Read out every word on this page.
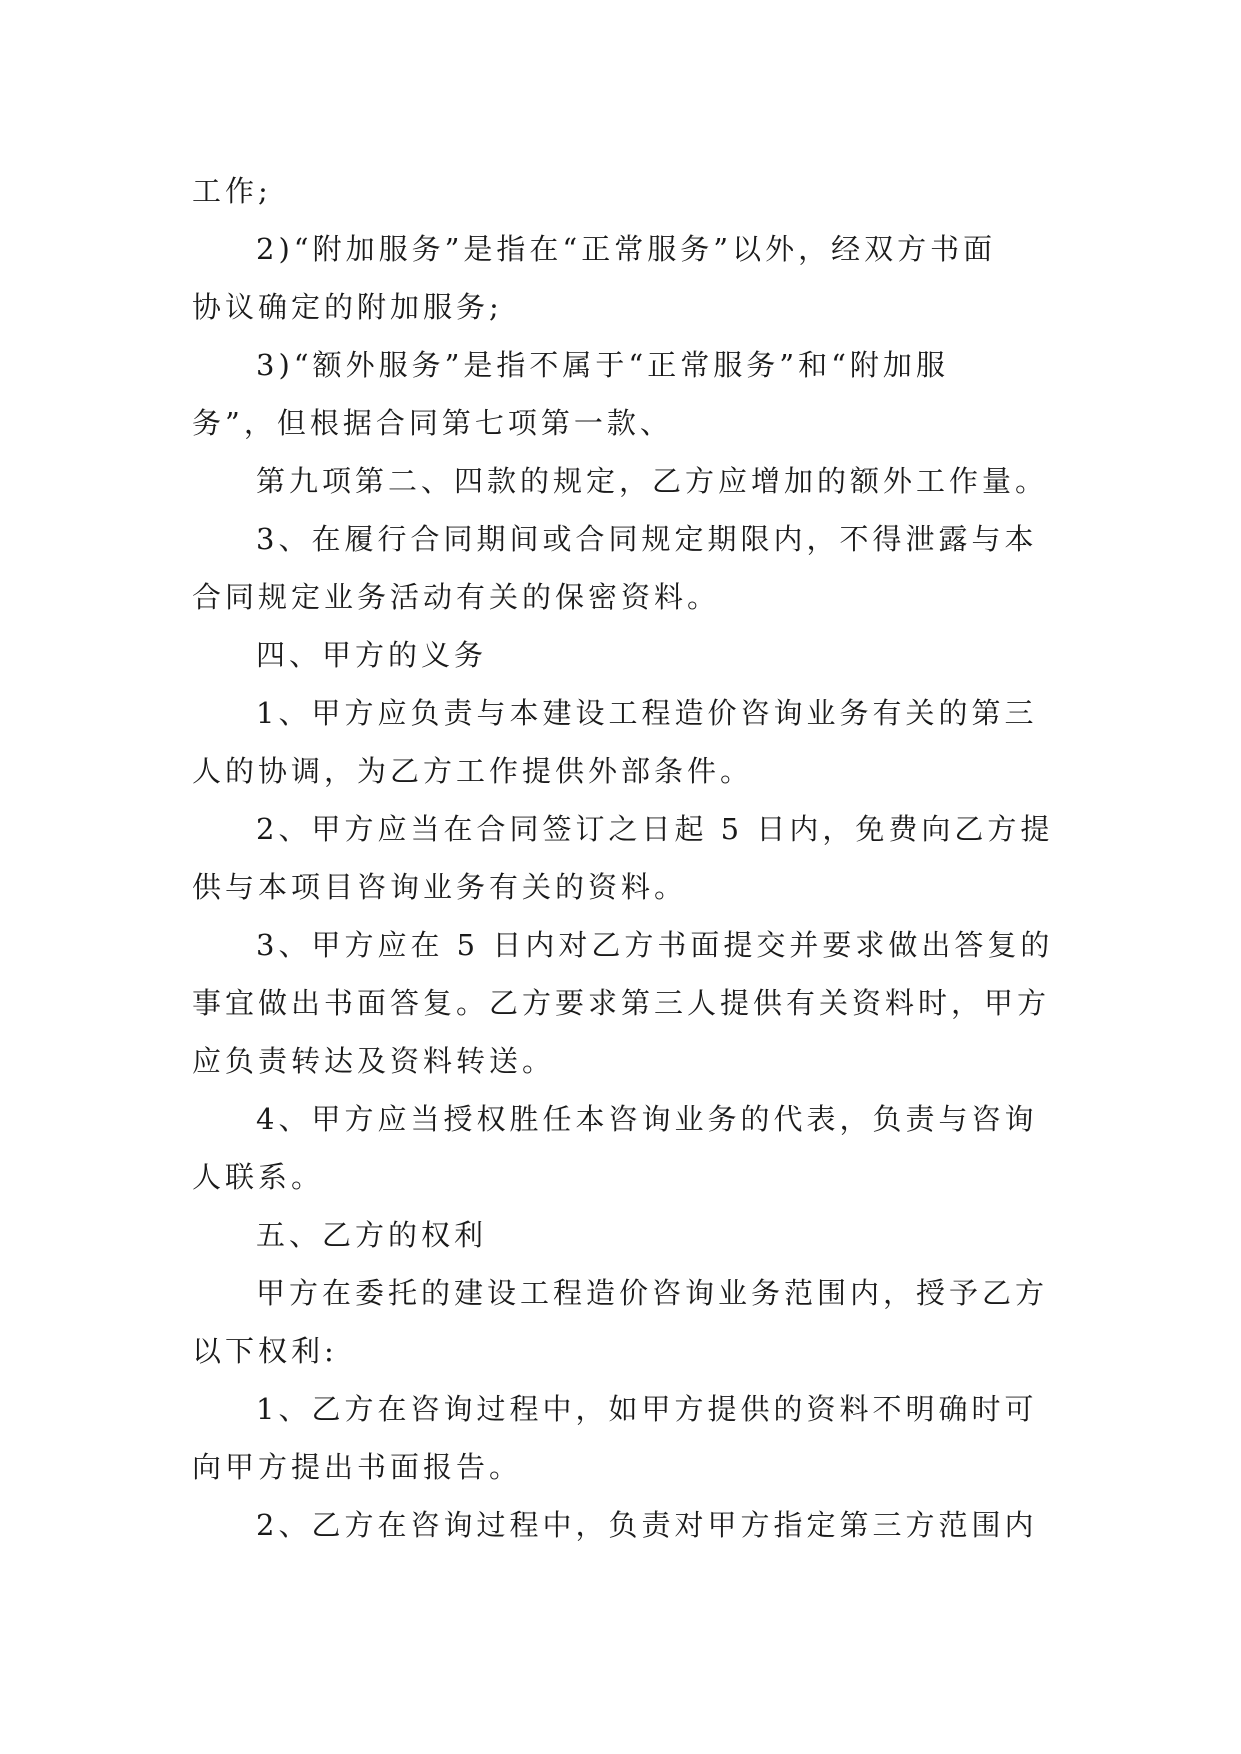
工作;
2)“附加服务”是指在“正常服务”以外，经双方书面
协议确定的附加服务;
3)“额外服务”是指不属于“正常服务”和“附加服
务”，但根据合同第七项第一款、
第九项第二、四款的规定，乙方应增加的额外工作量。
3、在履行合同期间或合同规定期限内，不得泄露与本
合同规定业务活动有关的保密资料。
四、甲方的义务
1、甲方应负责与本建设工程造价咨询业务有关的第三
人的协调，为乙方工作提供外部条件。
2、甲方应当在合同签订之日起 5 日内，免费向乙方提
供与本项目咨询业务有关的资料。
3、甲方应在 5 日内对乙方书面提交并要求做出答复的
事宜做出书面答复。乙方要求第三人提供有关资料时，甲方
应负责转达及资料转送。
4、甲方应当授权胜任本咨询业务的代表，负责与咨询
人联系。
五、乙方的权利
甲方在委托的建设工程造价咨询业务范围内，授予乙方
以下权利:
1、乙方在咨询过程中，如甲方提供的资料不明确时可
向甲方提出书面报告。
2、乙方在咨询过程中，负责对甲方指定第三方范围内
